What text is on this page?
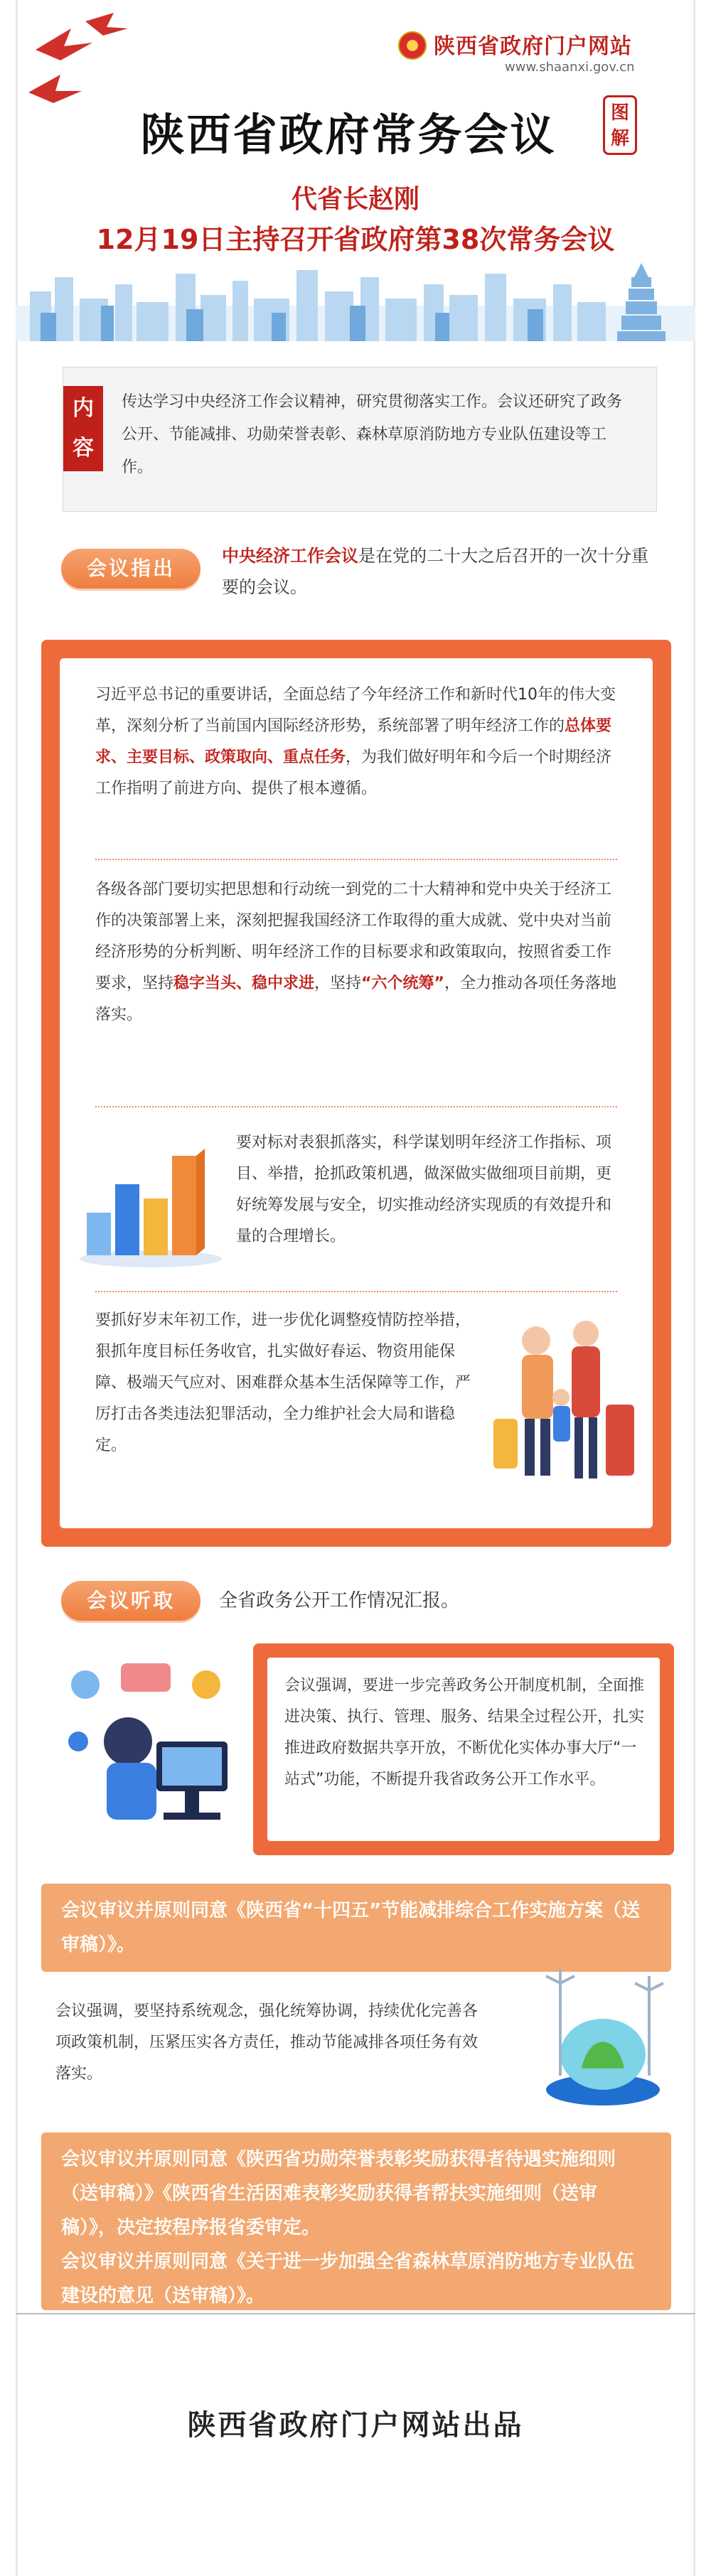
陕西省政府门户网站
www.shaanxi.gov.cn
陕西省政府常务会议	图
解
代省长赵刚
12月19日主持召开省政府第38次常务会议
内
容
传达学习中央经济工作会议精神，研究贯彻落实工作。会议还研究了政务公开、节能减排、功勋荣誉表彰、森林草原消防地方专业队伍建设等工作。
会议指出
中央经济工作会议是在党的二十大之后召开的一次十分重要的会议。
习近平总书记的重要讲话，全面总结了今年经济工作和新时代10年的伟大变革，深刻分析了当前国内国际经济形势，系统部署了明年经济工作的总体要求、主要目标、政策取向、重点任务，为我们做好明年和今后一个时期经济工作指明了前进方向、提供了根本遵循。
各级各部门要切实把思想和行动统一到党的二十大精神和党中央关于经济工作的决策部署上来，深刻把握我国经济工作取得的重大成就、党中央对当前经济形势的分析判断、明年经济工作的目标要求和政策取向，按照省委工作要求，坚持稳字当头、稳中求进，坚持“六个统筹”，全力推动各项任务落地落实。
要对标对表狠抓落实，科学谋划明年经济工作指标、项目、举措，抢抓政策机遇，做深做实做细项目前期，更好统筹发展与安全，切实推动经济实现质的有效提升和量的合理增长。
要抓好岁末年初工作，进一步优化调整疫情防控举措，狠抓年度目标任务收官，扎实做好春运、物资用能保障、极端天气应对、困难群众基本生活保障等工作，严厉打击各类违法犯罪活动，全力维护社会大局和谐稳定。
会议听取	全省政务公开工作情况汇报。
会议强调，要进一步完善政务公开制度机制，全面推进决策、执行、管理、服务、结果全过程公开，扎实推进政府数据共享开放，不断优化实体办事大厅“一站式”功能，不断提升我省政务公开工作水平。
会议审议并原则同意《陕西省“十四五”节能减排综合工作实施方案（送审稿）》。
会议强调，要坚持系统观念，强化统筹协调，持续优化完善各项政策机制，压紧压实各方责任，推动节能减排各项任务有效落实。
会议审议并原则同意《陕西省功勋荣誉表彰奖励获得者待遇实施细则（送审稿）》《陕西省生活困难表彰奖励获得者帮扶实施细则（送审稿）》，决定按程序报省委审定。
会议审议并原则同意《关于进一步加强全省森林草原消防地方专业队伍建设的意见（送审稿）》。
陕西省政府门户网站出品
